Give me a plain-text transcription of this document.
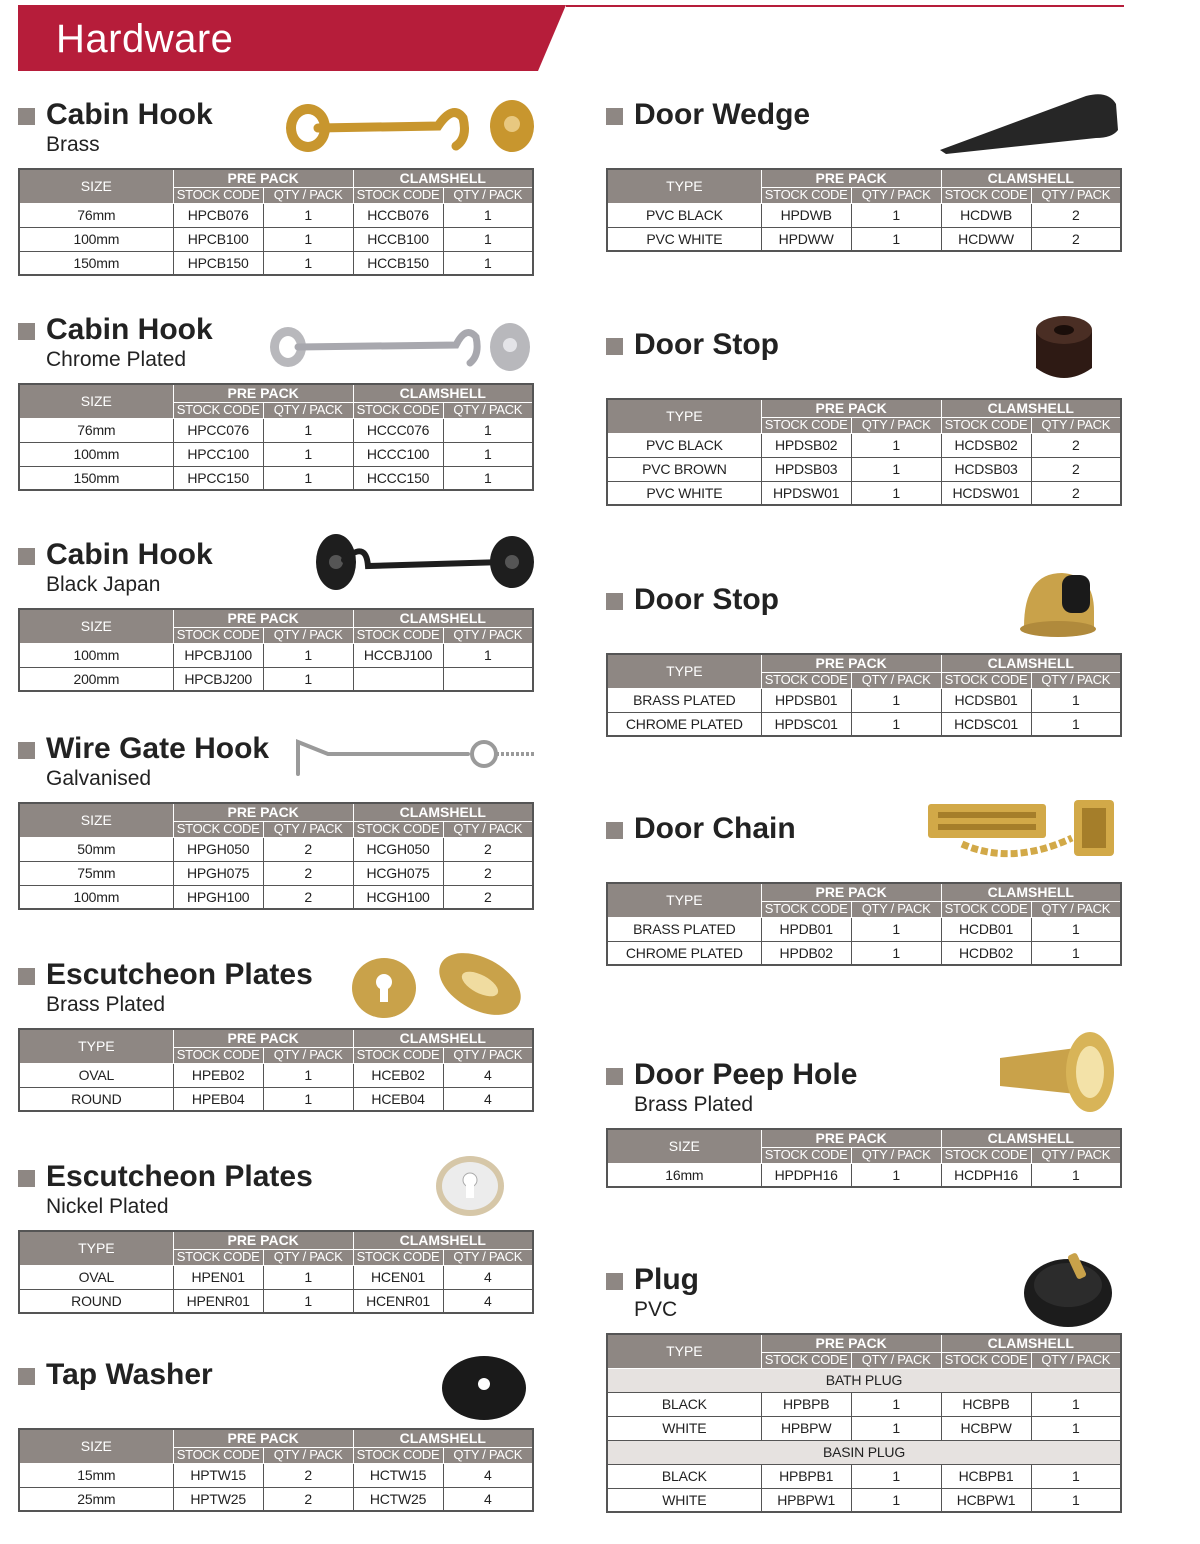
Hardware
Cabin Hook
Brass
SIZE	PRE PACK		CLAMSHELL	
	STOCK CODE	QTY / PACK	STOCK CODE	QTY / PACK
76mm	HPCB076	1	HCCB076	1
100mm	HPCB100	1	HCCB100	1
150mm	HPCB150	1	HCCB150	1
Cabin Hook
Chrome Plated
SIZE	PRE PACK		CLAMSHELL	
	STOCK CODE	QTY / PACK	STOCK CODE	QTY / PACK
76mm	HPCC076	1	HCCC076	1
100mm	HPCC100	1	HCCC100	1
150mm	HPCC150	1	HCCC150	1
Cabin Hook
Black Japan
SIZE	PRE PACK		CLAMSHELL	
	STOCK CODE	QTY / PACK	STOCK CODE	QTY / PACK
100mm	HPCBJ100	1	HCCBJ100	1
200mm	HPCBJ200	1		
Wire Gate Hook
Galvanised
SIZE	PRE PACK		CLAMSHELL	
	STOCK CODE	QTY / PACK	STOCK CODE	QTY / PACK
50mm	HPGH050	2	HCGH050	2
75mm	HPGH075	2	HCGH075	2
100mm	HPGH100	2	HCGH100	2
Escutcheon Plates
Brass Plated
TYPE	PRE PACK		CLAMSHELL	
	STOCK CODE	QTY / PACK	STOCK CODE	QTY / PACK
OVAL	HPEB02	1	HCEB02	4
ROUND	HPEB04	1	HCEB04	4
Escutcheon Plates
Nickel Plated
TYPE	PRE PACK		CLAMSHELL	
	STOCK CODE	QTY / PACK	STOCK CODE	QTY / PACK
OVAL	HPEN01	1	HCEN01	4
ROUND	HPENR01	1	HCENR01	4
Tap Washer
SIZE	PRE PACK		CLAMSHELL	
	STOCK CODE	QTY / PACK	STOCK CODE	QTY / PACK
15mm	HPTW15	2	HCTW15	4
25mm	HPTW25	2	HCTW25	4
Door Wedge
TYPE	PRE PACK		CLAMSHELL	
	STOCK CODE	QTY / PACK	STOCK CODE	QTY / PACK
PVC BLACK	HPDWB	1	HCDWB	2
PVC WHITE	HPDWW	1	HCDWW	2
Door Stop
TYPE	PRE PACK		CLAMSHELL	
	STOCK CODE	QTY / PACK	STOCK CODE	QTY / PACK
PVC BLACK	HPDSB02	1	HCDSB02	2
PVC BROWN	HPDSB03	1	HCDSB03	2
PVC WHITE	HPDSW01	1	HCDSW01	2
Door Stop
TYPE	PRE PACK		CLAMSHELL	
	STOCK CODE	QTY / PACK	STOCK CODE	QTY / PACK
BRASS PLATED	HPDSB01	1	HCDSB01	1
CHROME PLATED	HPDSC01	1	HCDSC01	1
Door Chain
TYPE	PRE PACK		CLAMSHELL	
	STOCK CODE	QTY / PACK	STOCK CODE	QTY / PACK
BRASS PLATED	HPDB01	1	HCDB01	1
CHROME PLATED	HPDB02	1	HCDB02	1
Door Peep Hole
Brass Plated
SIZE	PRE PACK		CLAMSHELL	
	STOCK CODE	QTY / PACK	STOCK CODE	QTY / PACK
16mm	HPDPH16	1	HCDPH16	1
Plug
PVC
TYPE	PRE PACK		CLAMSHELL	
	STOCK CODE	QTY / PACK	STOCK CODE	QTY / PACK
BATH PLUG				
BLACK	HPBPB	1	HCBPB	1
WHITE	HPBPW	1	HCBPW	1
BASIN PLUG				
BLACK	HPBPB1	1	HCBPB1	1
WHITE	HPBPW1	1	HCBPW1	1
